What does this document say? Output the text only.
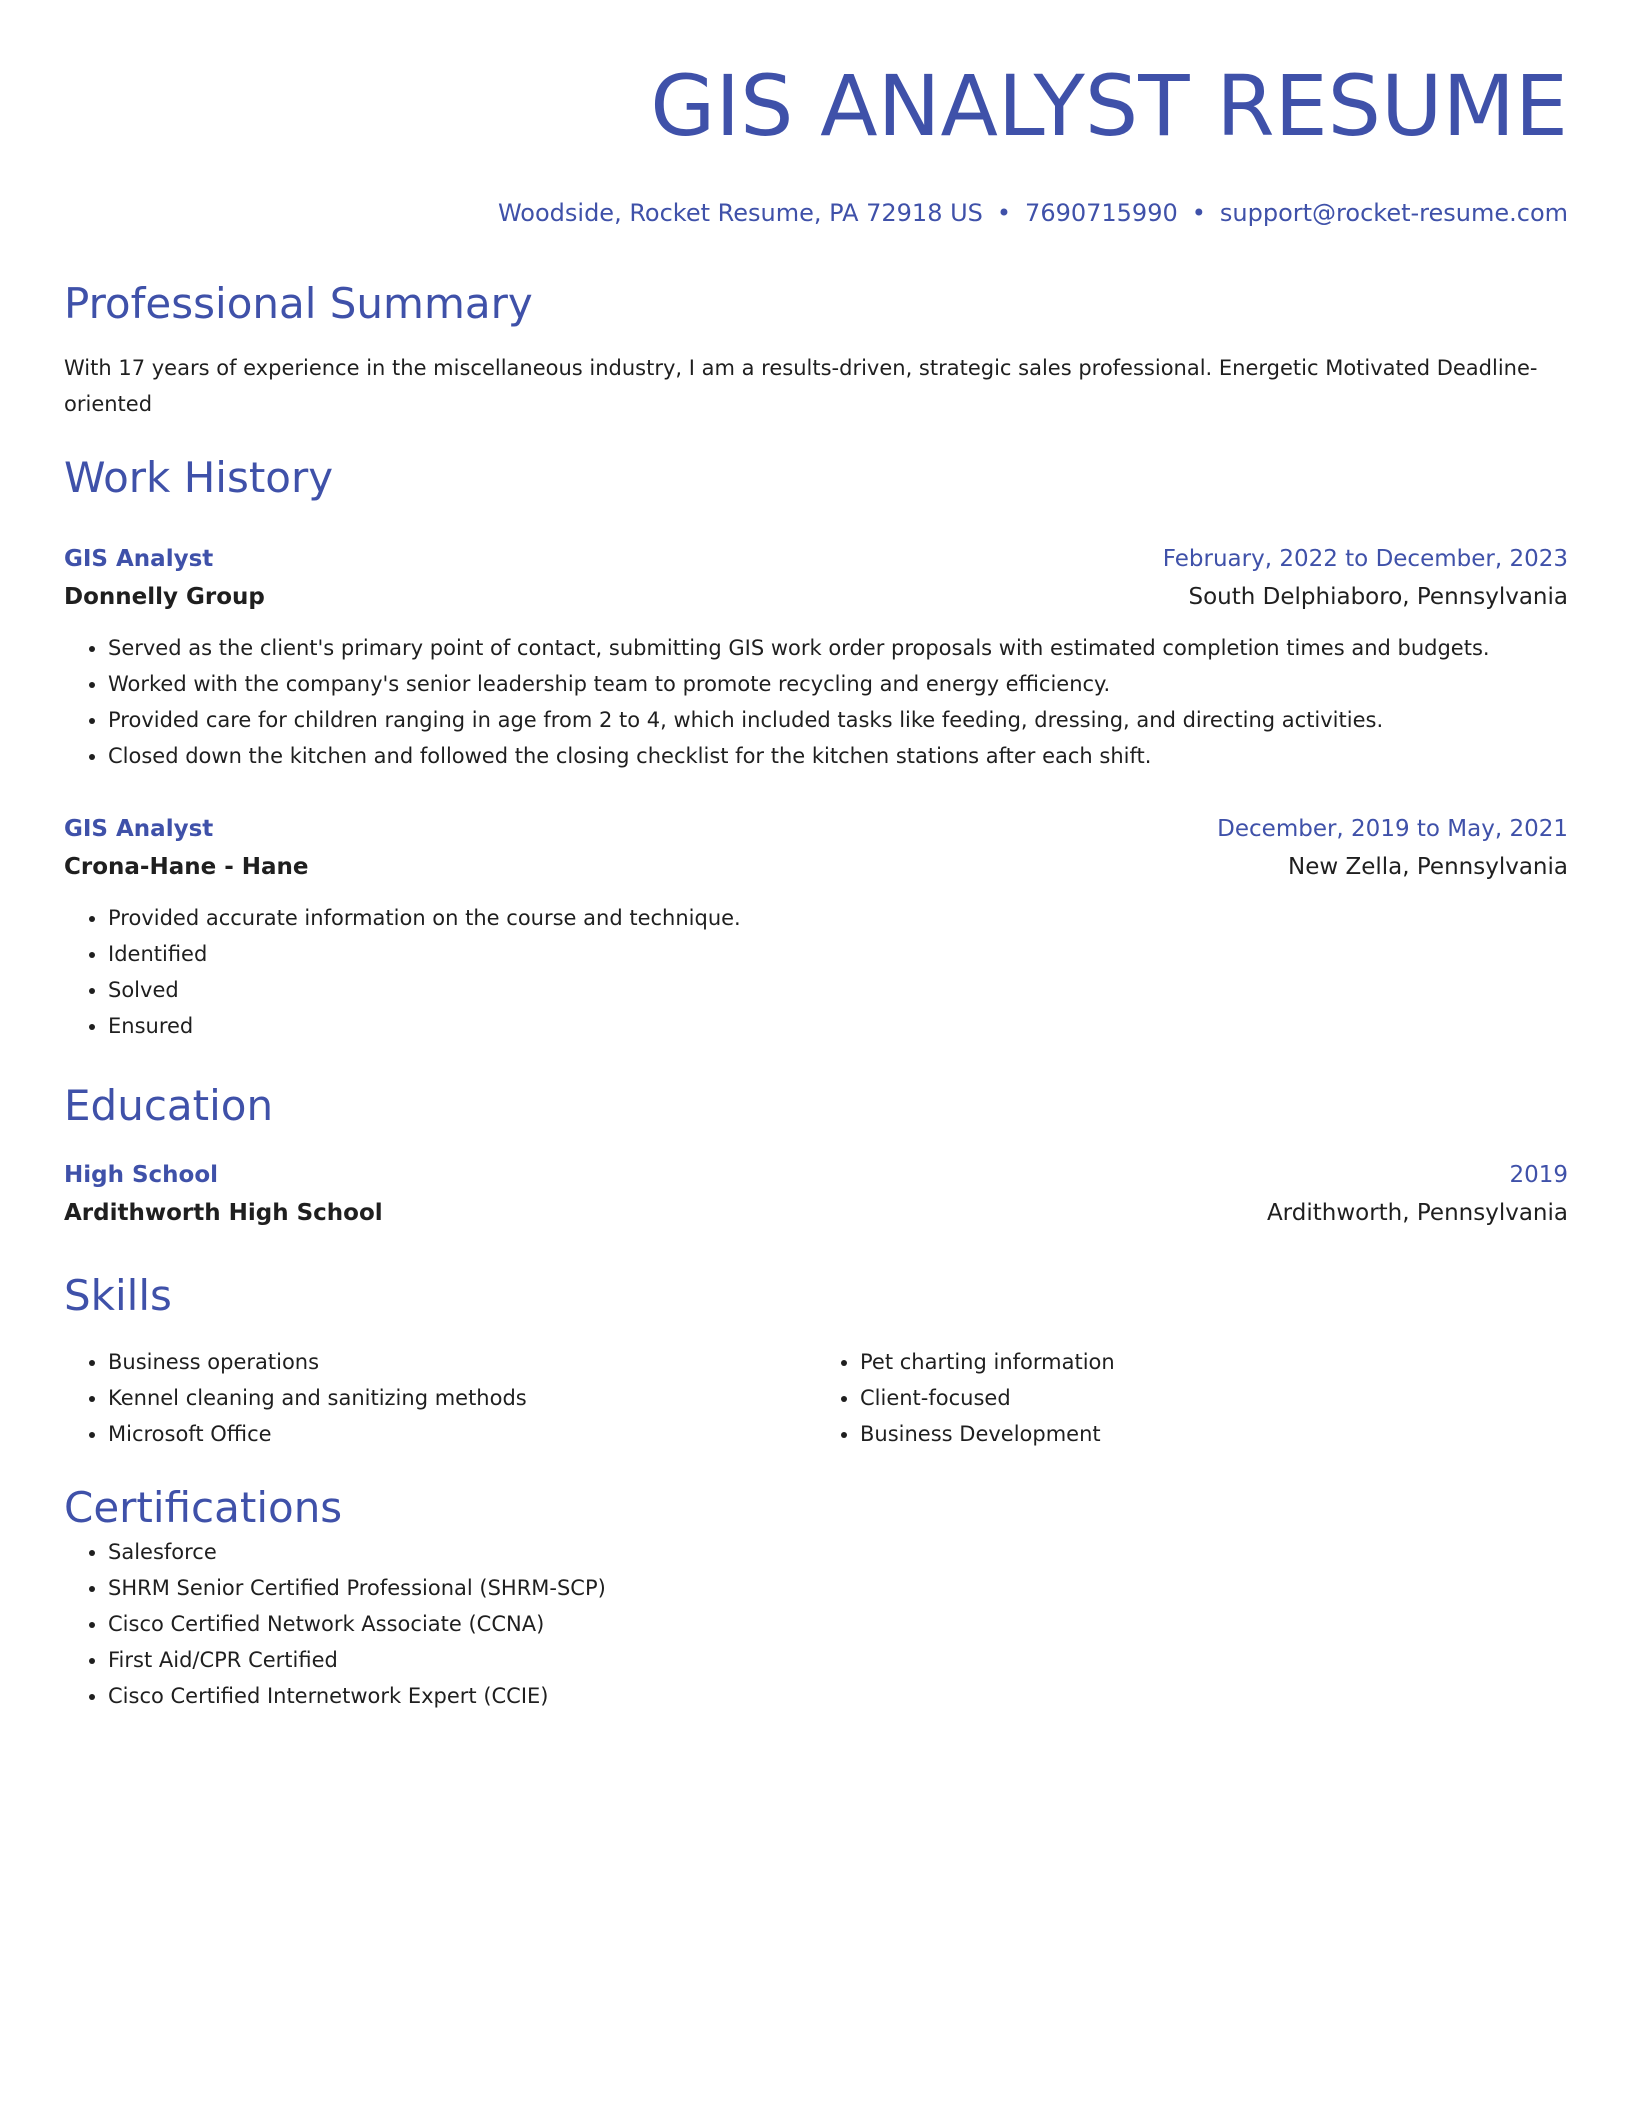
GIS ANALYST RESUME
Woodside, Rocket Resume, PA 72918 US • 7690715990 • support@rocket-resume.com
Professional Summary
With 17 years of experience in the miscellaneous industry, I am a results-driven, strategic sales professional. Energetic Motivated Deadline-oriented
Work History
GIS Analyst	February, 2022 to December, 2023
Donnelly Group	South Delphiaboro, Pennsylvania
• Served as the client's primary point of contact, submitting GIS work order proposals with estimated completion times and budgets.
• Worked with the company's senior leadership team to promote recycling and energy efficiency.
• Provided care for children ranging in age from 2 to 4, which included tasks like feeding, dressing, and directing activities.
• Closed down the kitchen and followed the closing checklist for the kitchen stations after each shift.
GIS Analyst	December, 2019 to May, 2021
Crona-Hane - Hane	New Zella, Pennsylvania
• Provided accurate information on the course and technique.
• Identified
• Solved
• Ensured
Education
High School	2019
Ardithworth High School	Ardithworth, Pennsylvania
Skills
• Business operations
• Kennel cleaning and sanitizing methods
• Microsoft Office
• Pet charting information
• Client-focused
• Business Development
Certifications
• Salesforce
• SHRM Senior Certified Professional (SHRM-SCP)
• Cisco Certified Network Associate (CCNA)
• First Aid/CPR Certified
• Cisco Certified Internetwork Expert (CCIE)
